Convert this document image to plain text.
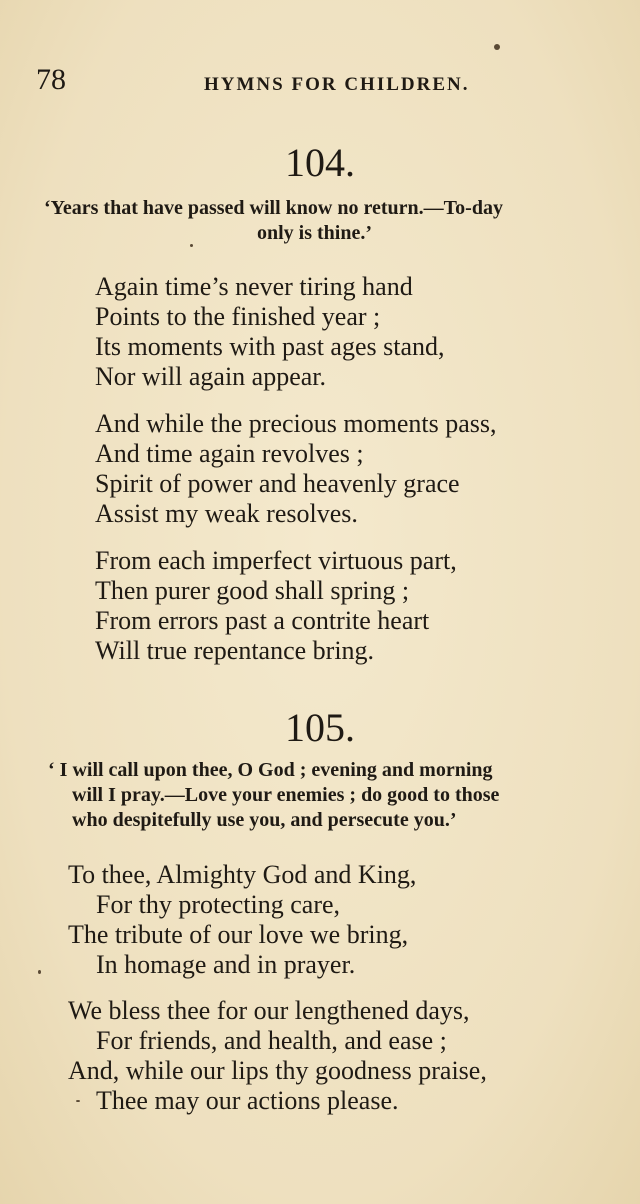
78	HYMNS FOR CHILDREN.
104.
‘Years that have passed will know no return.—To-day
only is thine.’
Again time’s never tiring hand
Points to the finished year ;
Its moments with past ages stand,
Nor will again appear.
And while the precious moments pass,
And time again revolves ;
Spirit of power and heavenly grace
Assist my weak resolves.
From each imperfect virtuous part,
Then purer good shall spring ;
From errors past a contrite heart
Will true repentance bring.
105.
‘ I will call upon thee, O God ; evening and morning
will I pray.—Love your enemies ; do good to those
who despitefully use you, and persecute you.’
To thee, Almighty God and King,
For thy protecting care,
The tribute of our love we bring,
In homage and in prayer.
We bless thee for our lengthened days,
For friends, and health, and ease ;
And, while our lips thy goodness praise,
Thee may our actions please.
